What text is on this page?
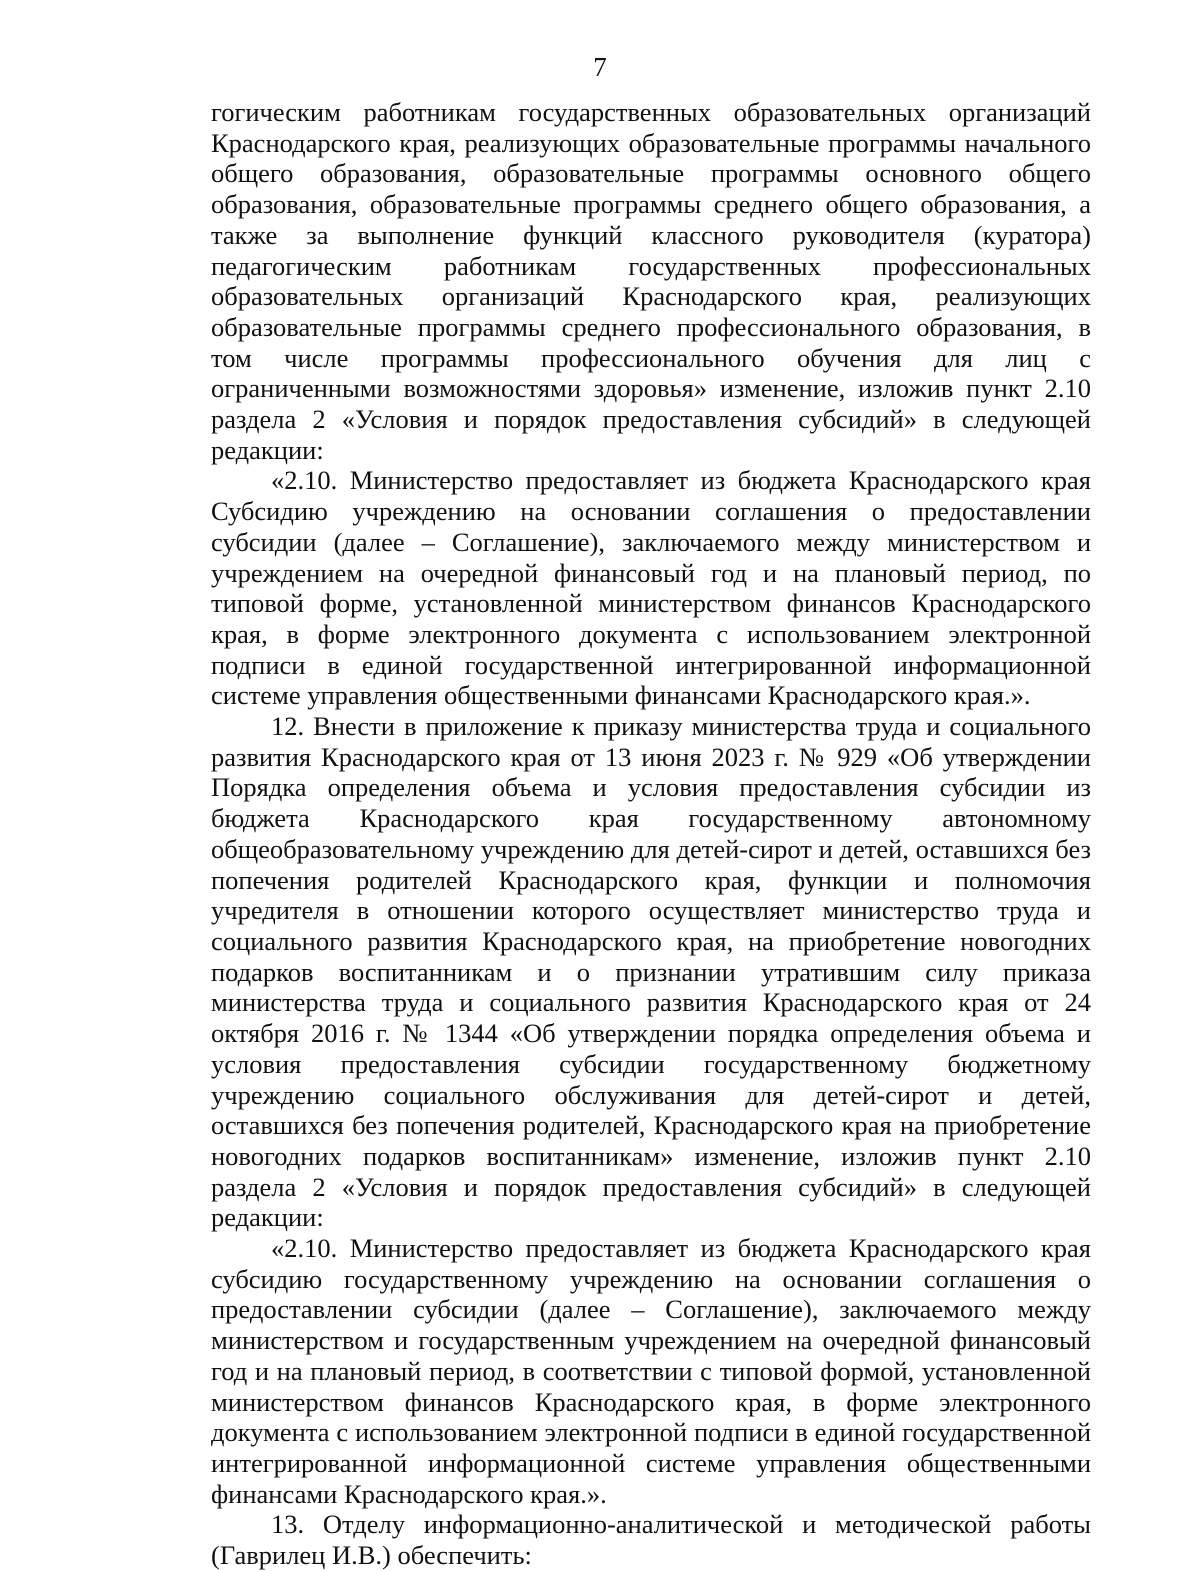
7

гогическим работникам государственных образовательных организаций Краснодарского края, реализующих образовательные программы начального общего образования, образовательные программы основного общего образования, образовательные программы среднего общего образования, а также за выполнение функций классного руководителя (куратора) педагогическим работникам государственных профессиональных образовательных организаций Краснодарского края, реализующих образовательные программы среднего профессионального образования, в том числе программы профессионального обучения для лиц с ограниченными возможностями здоровья» изменение, изложив пункт 2.10 раздела 2 «Условия и порядок предоставления субсидий» в следующей редакции:

«2.10. Министерство предоставляет из бюджета Краснодарского края Субсидию учреждению на основании соглашения о предоставлении субсидии (далее – Соглашение), заключаемого между министерством и учреждением на очередной финансовый год и на плановый период, по типовой форме, установленной министерством финансов Краснодарского края, в форме электронного документа с использованием электронной подписи в единой государственной интегрированной информационной системе управления общественными финансами Краснодарского края.».

12. Внести в приложение к приказу министерства труда и социального развития Краснодарского края от 13 июня 2023 г. № 929 «Об утверждении Порядка определения объема и условия предоставления субсидии из бюджета Краснодарского края государственному автономному общеобразовательному учреждению для детей-сирот и детей, оставшихся без попечения родителей Краснодарского края, функции и полномочия учредителя в отношении которого осуществляет министерство труда и социального развития Краснодарского края, на приобретение новогодних подарков воспитанникам и о признании утратившим силу приказа министерства труда и социального развития Краснодарского края от 24 октября 2016 г. № 1344 «Об утверждении порядка определения объема и условия предоставления субсидии государственному бюджетному учреждению социального обслуживания для детей-сирот и детей, оставшихся без попечения родителей, Краснодарского края на приобретение новогодних подарков воспитанникам» изменение, изложив пункт 2.10 раздела 2 «Условия и порядок предоставления субсидий» в следующей редакции:

«2.10. Министерство предоставляет из бюджета Краснодарского края субсидию государственному учреждению на основании соглашения о предоставлении субсидии (далее – Соглашение), заключаемого между министерством и государственным учреждением на очередной финансовый год и на плановый период, в соответствии с типовой формой, установленной министерством финансов Краснодарского края, в форме электронного документа с использованием электронной подписи в единой государственной интегрированной информационной системе управления общественными финансами Краснодарского края.».

13. Отделу информационно-аналитической и методической работы (Гаврилец И.В.) обеспечить:
